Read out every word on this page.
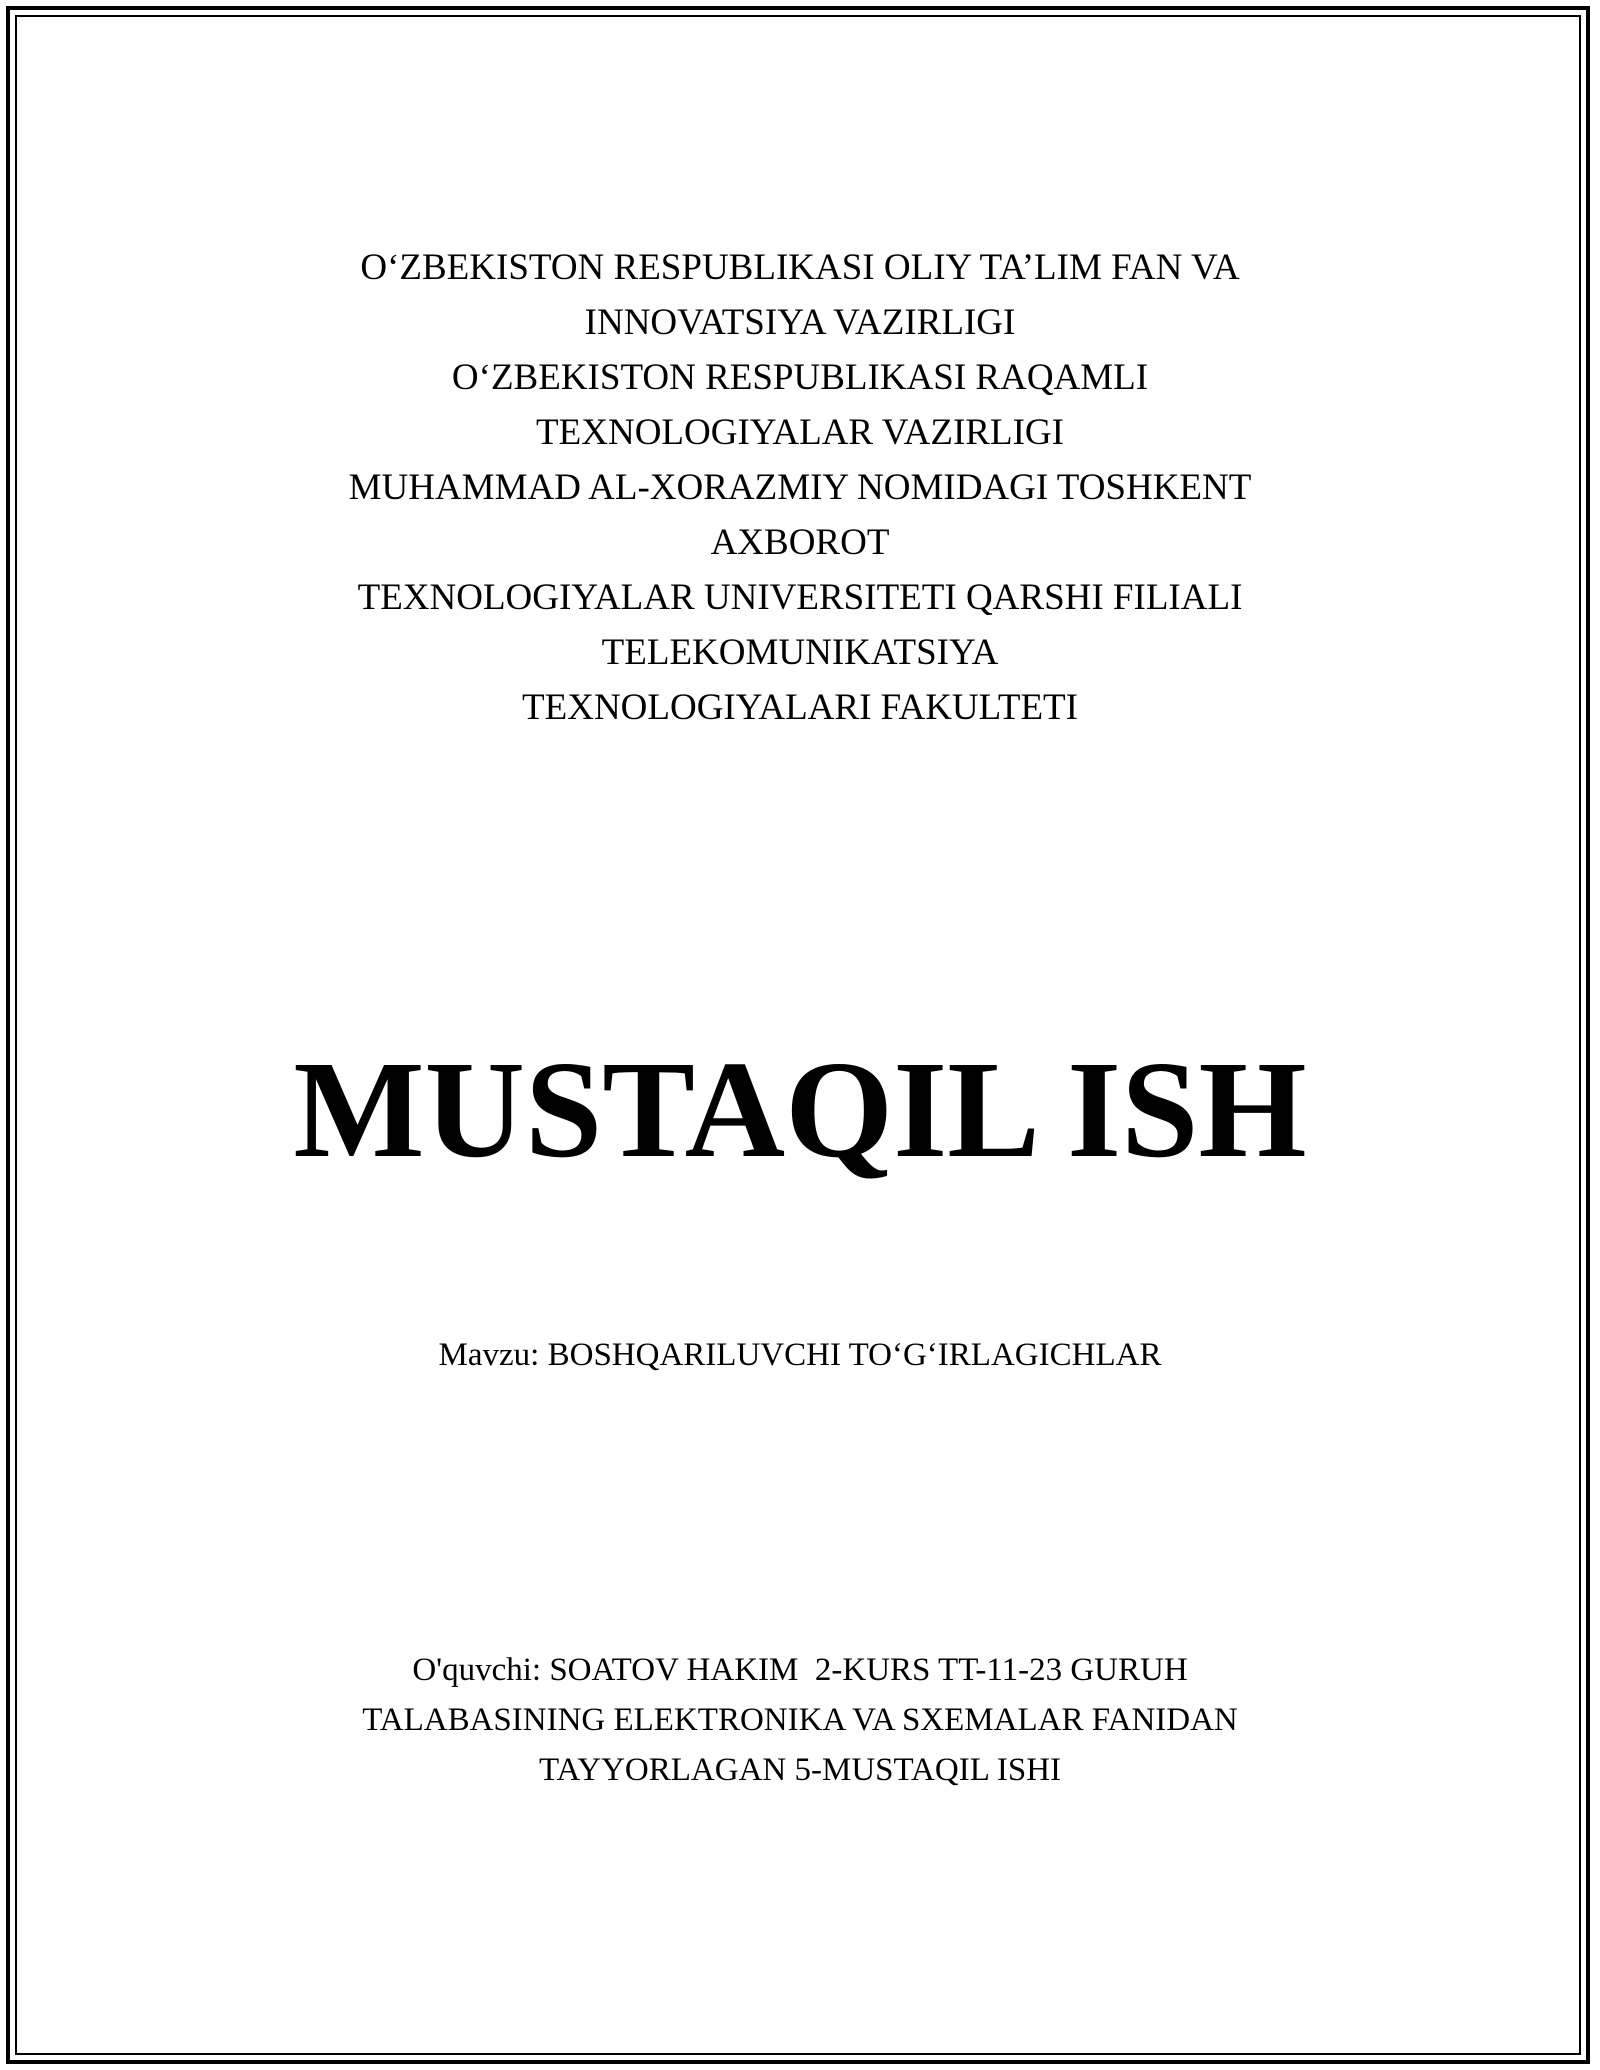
O‘ZBEKISTON RESPUBLIKASI OLIY TA’LIM FAN VA
INNOVATSIYA VAZIRLIGI
O‘ZBEKISTON RESPUBLIKASI RAQAMLI
TEXNOLOGIYALAR VAZIRLIGI
MUHAMMAD AL-XORAZMIY NOMIDAGI TOSHKENT
AXBOROT
TEXNOLOGIYALAR UNIVERSITETI QARSHI FILIALI
TELEKOMUNIKATSIYA
TEXNOLOGIYALARI FAKULTETI
MUSTAQIL ISH
Mavzu: BOSHQARILUVCHI TO‘G‘IRLAGICHLAR
O'quvchi: SOATOV HAKIM  2-KURS TT-11-23 GURUH
TALABASINING ELEKTRONIKA VA SXEMALAR FANIDAN
TAYYORLAGAN 5-MUSTAQIL ISHI
